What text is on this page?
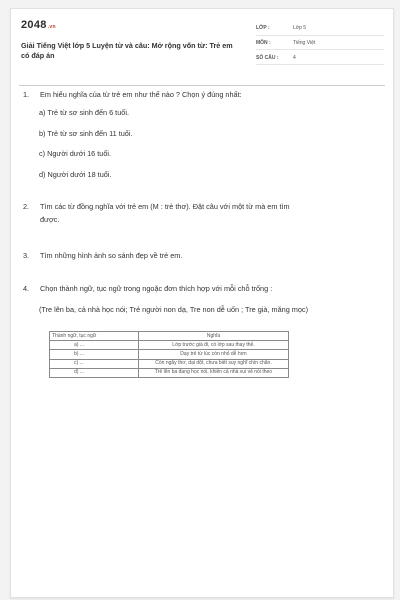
2048.vn
Giải Tiếng Việt lớp 5 Luyện từ và câu: Mở rộng vốn từ: Trẻ em có đáp án
LỚP :	Lớp 5
MÔN :	Tiếng Việt
SỐ CÂU :	4
1.	Em hiểu nghĩa của từ trẻ em như thế nào ? Chọn ý đúng nhất:
a) Trẻ từ sơ sinh đến 6 tuổi.
b) Trẻ từ sơ sinh đến 11 tuổi.
c) Người dưới 16 tuổi.
d) Người dưới 18 tuổi.
2.	Tìm các từ đồng nghĩa với trẻ em (M : trẻ thơ). Đặt câu với một từ mà em tìm
được.
3.	Tìm những hình ảnh so sánh đẹp về trẻ em.
4.	Chọn thành ngữ, tục ngữ trong ngoặc đơn thích hợp với mỗi chỗ trống :
(Tre lên ba, cả nhà học nói; Trẻ người non dạ, Tre non dễ uốn ; Tre già, măng mọc)
Thành ngữ, tục ngữ	Nghĩa
a) ...	Lớp trước già đi, có lớp sau thay thế.
b) ...	Dạy trẻ từ lúc còn nhỏ dễ hơn
c) ...	Còn ngây thơ, dại dột, chưa biết suy nghĩ chín chắn.
d) ...	Trẻ lên ba đang học nói, khiến cả nhà vui vẻ nói theo
